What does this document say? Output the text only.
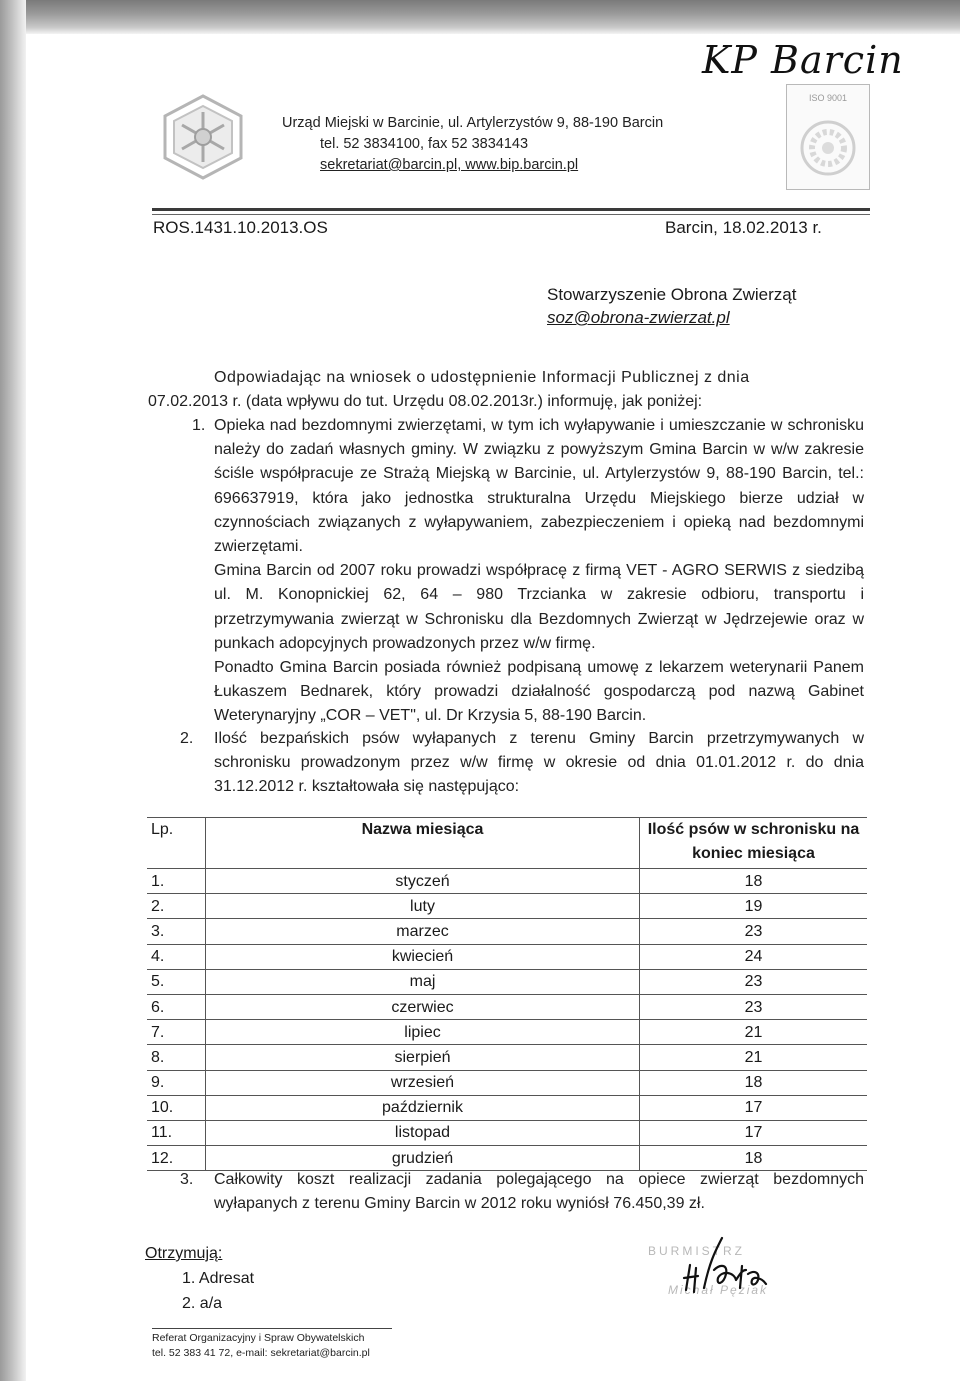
Urząd Miejski w Barcinie, ul. Artylerzystów 9, 88-190 Barcin
tel. 52 3834100, fax 52 3834143
sekretariat@barcin.pl, www.bip.barcin.pl
KP Barcin
ISO 9001
ROS.1431.10.2013.OS	Barcin, 18.02.2013 r.
Stowarzyszenie Obrona Zwierząt
soz@obrona-zwierzat.pl
Odpowiadając na wniosek o udostępnienie Informacji Publicznej z dnia
07.02.2013 r. (data wpływu do tut. Urzędu 08.02.2013r.) informuję, jak poniżej:
1. Opieka nad bezdomnymi zwierzętami, w tym ich wyłapywanie i umieszczanie w schronisku należy do zadań własnych gminy. W związku z powyższym Gmina Barcin w w/w zakresie ściśle współpracuje ze Strażą Miejską w Barcinie, ul. Artylerzystów 9, 88-190 Barcin, tel.: 696637919, która jako jednostka strukturalna Urzędu Miejskiego bierze udział w czynnościach związanych z wyłapywaniem, zabezpieczeniem i opieką nad bezdomnymi zwierzętami.

Gmina Barcin od 2007 roku prowadzi współpracę z firmą VET - AGRO SERWIS z siedzibą ul. M. Konopnickiej 62, 64 – 980 Trzcianka w zakresie odbioru, transportu i przetrzymywania zwierząt w Schronisku dla Bezdomnych Zwierząt w Jędrzejewie oraz w punkach adopcyjnych prowadzonych przez w/w firmę.

Ponadto Gmina Barcin posiada również podpisaną umowę z lekarzem weterynarii Panem Łukaszem Bednarek, który prowadzi działalność gospodarczą pod nazwą Gabinet Weterynaryjny „COR – VET", ul. Dr Krzysia 5, 88-190 Barcin.

2.	Ilość bezpańskich psów wyłapanych z terenu Gminy Barcin przetrzymywanych w schronisku prowadzonym przez w/w firmę w okresie od dnia 01.01.2012 r. do dnia 31.12.2012 r. kształtowała się następująco:

Lp.	Nazwa miesiąca	Ilość psów w schronisku na koniec miesiąca
1.	styczeń	18
2.	luty	19
3.	marzec	23
4.	kwiecień	24
5.	maj	23
6.	czerwiec	23
7.	lipiec	21
8.	sierpień	21
9.	wrzesień	18
10.	październik	17
11.	listopad	17
12.	grudzień	18
3.	Całkowity koszt realizacji zadania polegającego na opiece zwierząt bezdomnych wyłapanych z terenu Gminy Barcin w 2012 roku wyniósł 76.450,39 zł.

Otrzymują:
1. Adresat
2. a/a
BURMISTRZ
Michał Pęziak
Referat Organizacyjny i Spraw Obywatelskich
tel. 52 383 41 72, e-mail: sekretariat@barcin.pl
